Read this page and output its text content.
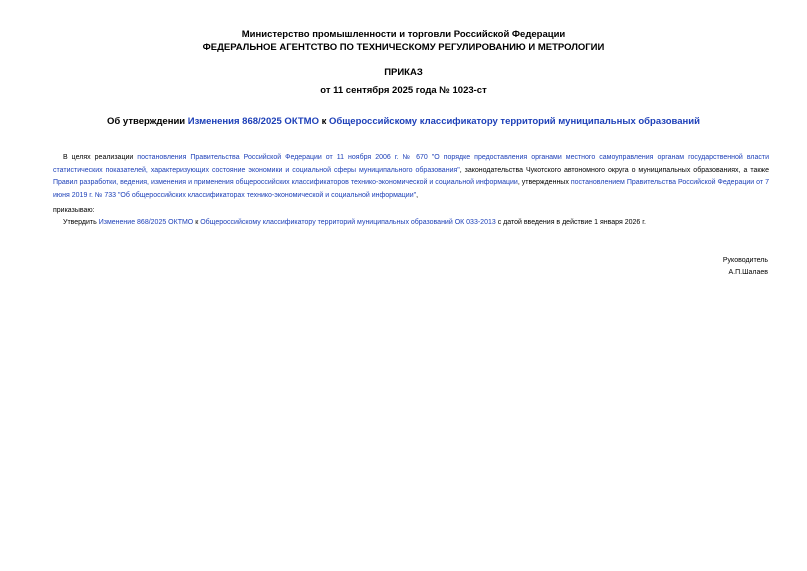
Министерство промышленности и торговли Российской Федерации
ФЕДЕРАЛЬНОЕ АГЕНТСТВО ПО ТЕХНИЧЕСКОМУ РЕГУЛИРОВАНИЮ И МЕТРОЛОГИИ
ПРИКАЗ
от 11 сентября 2025 года № 1023-ст
Об утверждении Изменения 868/2025 ОКТМО к Общероссийскому классификатору территорий муниципальных образований
В целях реализации постановления Правительства Российской Федерации от 11 ноября 2006 г. № 670 "О порядке предоставления органами местного самоуправления органам государственной власти статистических показателей, характеризующих состояние экономики и социальной сферы муниципального образования", законодательства Чукотского автономного округа о муниципальных образованиях, а также Правил разработки, ведения, изменения и применения общероссийских классификаторов технико-экономической и социальной информации, утвержденных постановлением Правительства Российской Федерации от 7 июня 2019 г. № 733 "Об общероссийских классификаторах технико-экономической и социальной информации",
приказываю:
Утвердить Изменение 868/2025 ОКТМО к Общероссийскому классификатору территорий муниципальных образований ОК 033-2013 с датой введения в действие 1 января 2026 г.
Руководитель
А.П.Шалаев
